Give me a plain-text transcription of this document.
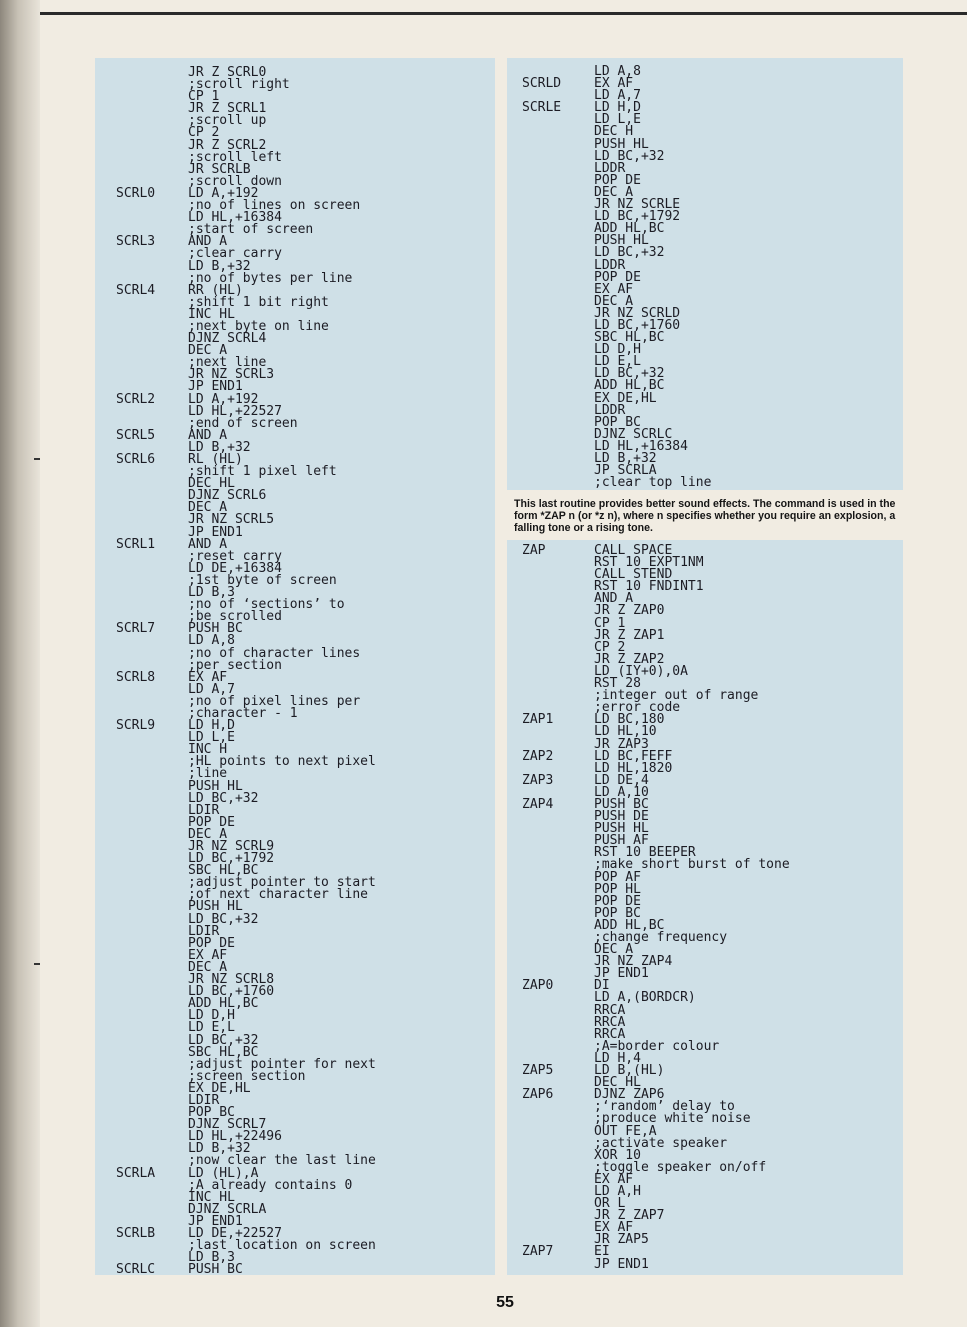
JR Z SCRL0
;scroll right
CP 1
JR Z SCRL1
;scroll up
CP 2
JR Z SCRL2
;scroll left
JR SCRLB
;scroll down
SCRL0	LD A,+192
;no of lines on screen
LD HL,+16384
;start of screen
SCRL3	AND A
;clear carry
LD B,+32
;no of bytes per line
SCRL4	RR (HL)
;shift 1 bit right
INC HL
;next byte on line
DJNZ SCRL4
DEC A
;next line
JR NZ SCRL3
JP END1
SCRL2	LD A,+192
LD HL,+22527
;end of screen
SCRL5	AND A
LD B,+32
SCRL6	RL (HL)
;shift 1 pixel left
DEC HL
DJNZ SCRL6
DEC A
JR NZ SCRL5
JP END1
SCRL1	AND A
;reset carry
LD DE,+16384
;1st byte of screen
LD B,3
;no of ‘sections’ to
;be scrolled
SCRL7	PUSH BC
LD A,8
;no of character lines
;per section
SCRL8	EX AF
LD A,7
;no of pixel lines per
;character - 1
SCRL9	LD H,D
LD L,E
INC H
;HL points to next pixel
;line
PUSH HL
LD BC,+32
LDIR
POP DE
DEC A
JR NZ SCRL9
LD BC,+1792
SBC HL,BC
;adjust pointer to start
;of next character line
PUSH HL
LD BC,+32
LDIR
POP DE
EX AF
DEC A
JR NZ SCRL8
LD BC,+1760
ADD HL,BC
LD D,H
LD E,L
LD BC,+32
SBC HL,BC
;adjust pointer for next
;screen section
EX DE,HL
LDIR
POP BC
DJNZ SCRL7
LD HL,+22496
LD B,+32
;now clear the last line
SCRLA	LD (HL),A
;A already contains 0
INC HL
DJNZ SCRLA
JP END1
SCRLB	LD DE,+22527
;last location on screen
LD B,3
SCRLC	PUSH BC
LD A,8
SCRLD	EX AF
LD A,7
SCRLE	LD H,D
LD L,E
DEC H
PUSH HL
LD BC,+32
LDDR
POP DE
DEC A
JR NZ SCRLE
LD BC,+1792
ADD HL,BC
PUSH HL
LD BC,+32
LDDR
POP DE
EX AF
DEC A
JR NZ SCRLD
LD BC,+1760
SBC HL,BC
LD D,H
LD E,L
LD BC,+32
ADD HL,BC
EX DE,HL
LDDR
POP BC
DJNZ SCRLC
LD HL,+16384
LD B,+32
JP SCRLA
;clear top line
This last routine provides better sound effects. The command is used in the form *ZAP n (or *z n), where n specifies whether you require an explosion, a falling tone or a rising tone.
ZAP	CALL SPACE
RST 10 EXPT1NM
CALL STEND
RST 10 FNDINT1
AND A
JR Z ZAP0
CP 1
JR Z ZAP1
CP 2
JR Z ZAP2
LD (IY+0),0A
RST 28
;integer out of range
;error code
ZAP1	LD BC,180
LD HL,10
JR ZAP3
ZAP2	LD BC,FEFF
LD HL,1820
ZAP3	LD DE,4
LD A,10
ZAP4	PUSH BC
PUSH DE
PUSH HL
PUSH AF
RST 10 BEEPER
;make short burst of tone
POP AF
POP HL
POP DE
POP BC
ADD HL,BC
;change frequency
DEC A
JR NZ ZAP4
JP END1
ZAP0	DI
LD A,(BORDCR)
RRCA
RRCA
RRCA
;A=border colour
LD H,4
ZAP5	LD B,(HL)
DEC HL
ZAP6	DJNZ ZAP6
;‘random’ delay to
;produce white noise
OUT FE,A
;activate speaker
XOR 10
;toggle speaker on/off
EX AF
LD A,H
OR L
JR Z ZAP7
EX AF
JR ZAP5
ZAP7	EI
JP END1
55
